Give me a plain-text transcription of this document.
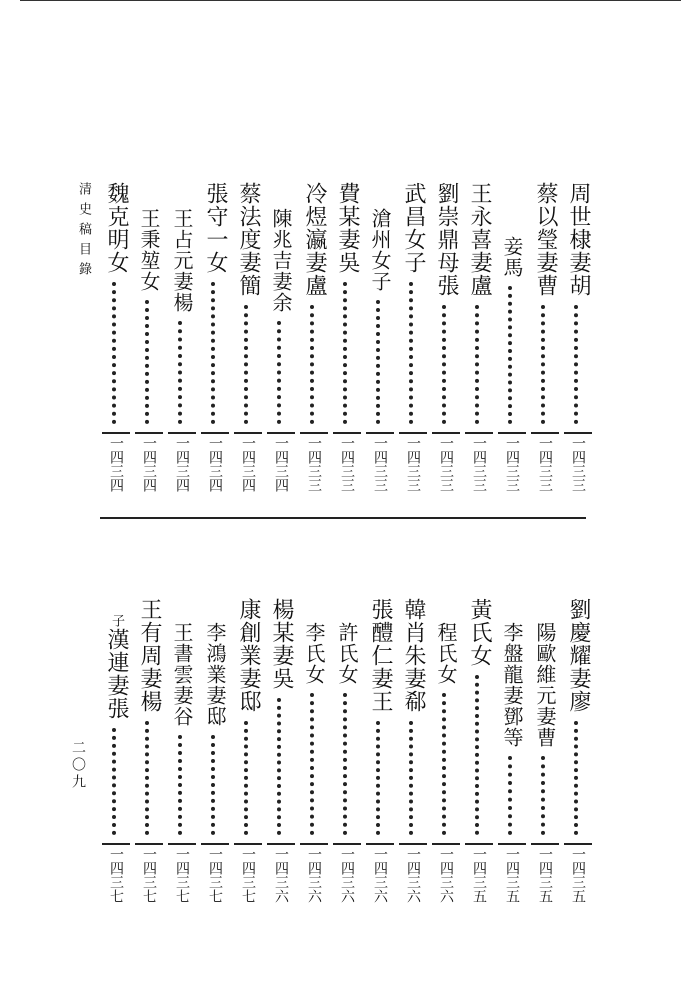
清史稿目錄
二〇九
周世棣妻胡
一四三三
蔡以瑩妻曹
一四三三
妾馬
一四三三
王永喜妻盧
一四三三
劉崇鼎母張
一四三三
武昌女子
一四三三
滄州女子
一四三三
費某妻吳
一四三三
冷煜瀛妻盧
一四三三
陳兆吉妻余
一四三四
蔡法度妻簡
一四三四
張守一女
一四三四
王占元妻楊
一四三四
王秉堃女
一四三四
魏克明女
一四三四
劉慶耀妻廖
一四三五
陽歐維元妻曹
一四三五
李盤龍妻鄧等
一四三五
黃氏女
一四三五
程氏女
一四三六
韓肖朱妻郗
一四三六
張醴仁妻王
一四三六
許氏女
一四三六
李氏女
一四三六
楊某妻吳
一四三六
康創業妻邸
一四三七
李鴻業妻邸
一四三七
王書雲妻谷
一四三七
王有周妻楊
一四三七
子
漢連妻張
一四三七
